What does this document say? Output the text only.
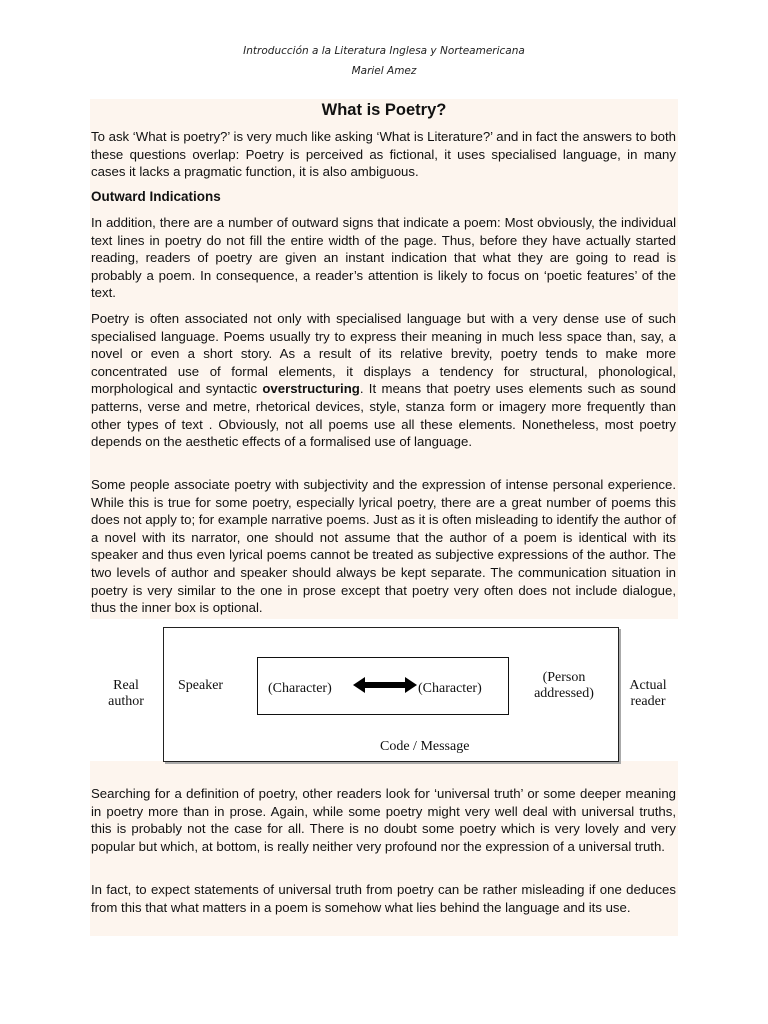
Introducción a la Literatura Inglesa y Norteamericana
Mariel Amez
What is Poetry?

To ask ‘What is poetry?’ is very much like asking ‘What is Literature?’ and in fact the answers to both these questions overlap: Poetry is perceived as fictional, it uses specialised language, in many cases it lacks a pragmatic function, it is also ambiguous.

Outward Indications

In addition, there are a number of outward signs that indicate a poem: Most obviously, the individual text lines in poetry do not fill the entire width of the page. Thus, before they have actually started reading, readers of poetry are given an instant indication that what they are going to read is probably a poem. In consequence, a reader’s attention is likely to focus on ‘poetic features’ of the text.

Poetry is often associated not only with specialised language but with a very dense use of such specialised language. Poems usually try to express their meaning in much less space than, say, a novel or even a short story. As a result of its relative brevity, poetry tends to make more concentrated use of formal elements, it displays a tendency for structural, phonological, morphological and syntactic overstructuring. It means that poetry uses elements such as sound patterns, verse and metre, rhetorical devices, style, stanza form or imagery more frequently than other types of text . Obviously, not all poems use all these elements. Nonetheless, most poetry depends on the aesthetic effects of a formalised use of language.

Some people associate poetry with subjectivity and the expression of intense personal experience. While this is true for some poetry, especially lyrical poetry, there are a great number of poems this does not apply to; for example narrative poems. Just as it is often misleading to identify the author of a novel with its narrator, one should not assume that the author of a poem is identical with its speaker and thus even lyrical poems cannot be treated as subjective expressions of the author. The two levels of author and speaker should always be kept separate. The communication situation in poetry is very similar to the one in prose except that poetry very often does not include dialogue, thus the inner box is optional.

Real
author
Speaker	(Character)	(Character)
(Person
addressed)
Actual
reader
Code / Message

Searching for a definition of poetry, other readers look for ‘universal truth’ or some deeper meaning in poetry more than in prose. Again, while some poetry might very well deal with universal truths, this is probably not the case for all. There is no doubt some poetry which is very lovely and very popular but which, at bottom, is really neither very profound nor the expression of a universal truth.

In fact, to expect statements of universal truth from poetry can be rather misleading if one deduces from this that what matters in a poem is somehow what lies behind the language and its use.
